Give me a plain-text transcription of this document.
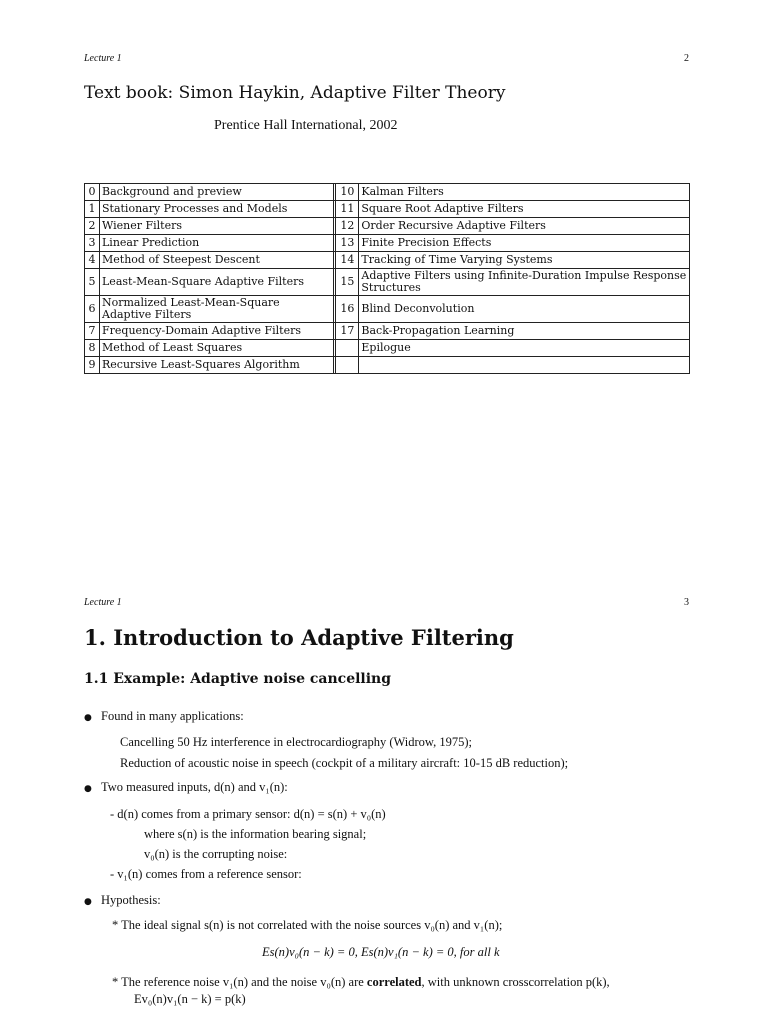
Lecture 1	2
Text book: Simon Haykin, Adaptive Filter Theory
Prentice Hall International, 2002
0	Background and preview		10	Kalman Filters
1	Stationary Processes and Models		11	Square Root Adaptive Filters
2	Wiener Filters		12	Order Recursive Adaptive Filters
3	Linear Prediction		13	Finite Precision Effects
4	Method of Steepest Descent		14	Tracking of Time Varying Systems
5	Least-Mean-Square Adaptive Filters		15	Adaptive Filters using Infinite-Duration Impulse Response Structures
6	Normalized Least-Mean-Square Adaptive Filters		16	Blind Deconvolution
7	Frequency-Domain Adaptive Filters		17	Back-Propagation Learning
8	Method of Least Squares			Epilogue
9	Recursive Least-Squares Algorithm			
Lecture 1	3
1. Introduction to Adaptive Filtering
1.1 Example: Adaptive noise cancelling
● Found in many applications:
Cancelling 50 Hz interference in electrocardiography (Widrow, 1975);
Reduction of acoustic noise in speech (cockpit of a military aircraft: 10-15 dB reduction);
● Two measured inputs, d(n) and v₁(n):
- d(n) comes from a primary sensor: d(n) = s(n) + v₀(n)
where s(n) is the information bearing signal;
v₀(n) is the corrupting noise:
- v₁(n) comes from a reference sensor:
● Hypothesis:
* The ideal signal s(n) is not correlated with the noise sources v₀(n) and v₁(n);
Es(n)v₀(n − k) = 0, Es(n)v₁(n − k) = 0, for all k
* The reference noise v₁(n) and the noise v₀(n) are correlated, with unknown crosscorrelation p(k),
Ev₀(n)v₁(n − k) = p(k)
